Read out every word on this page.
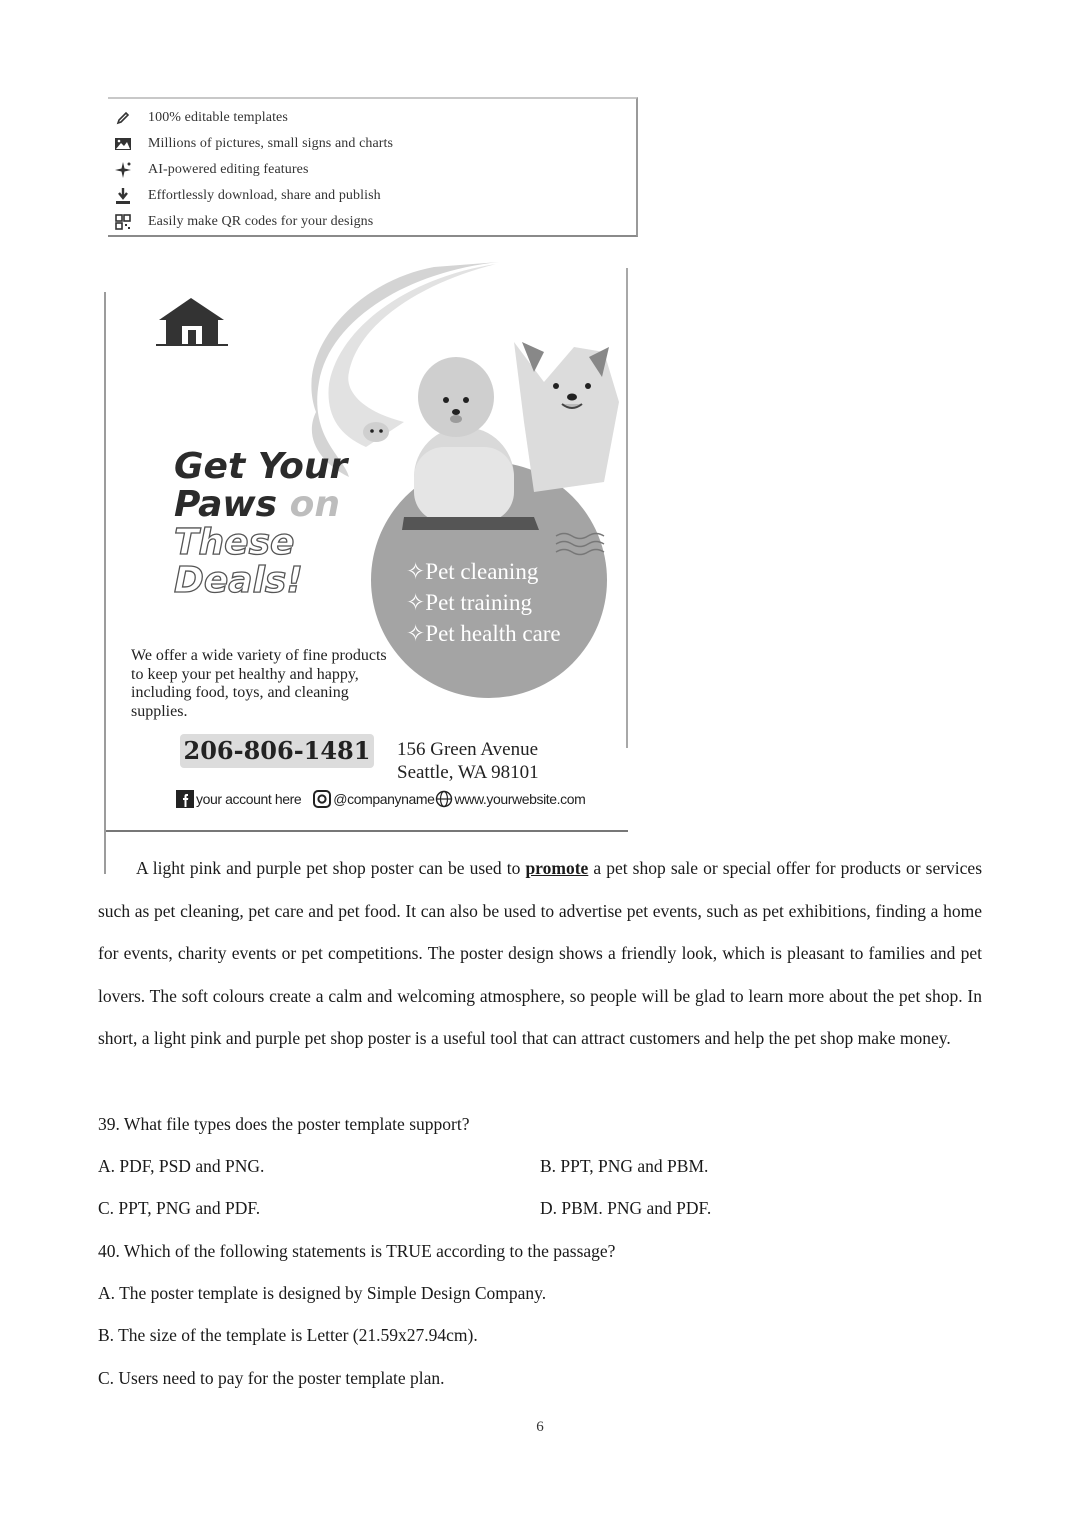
100% editable templates
Millions of pictures, small signs and charts
AI-powered editing features
Effortlessly download, share and publish
Easily make QR codes for your designs
Get Your
Paws on
These
Deals!	✧Pet cleaning
✧Pet training
✧Pet health care
We offer a wide variety of fine products to keep your pet healthy and happy, including food, toys, and cleaning supplies.
206-806-1481 156 Green Avenue
Seattle, WA 98101
your account here @companyname www.yourwebsite.com
A light pink and purple pet shop poster can be used to promote a pet shop sale or special offer for products or services such as pet cleaning, pet care and pet food. It can also be used to advertise pet events, such as pet exhibitions, finding a home for events, charity events or pet competitions. The poster design shows a friendly look, which is pleasant to families and pet lovers. The soft colours create a calm and welcoming atmosphere, so people will be glad to learn more about the pet shop. In short, a light pink and purple pet shop poster is a useful tool that can attract customers and help the pet shop make money.
39. What file types does the poster template support?
A. PDF, PSD and PNG.	B. PPT, PNG and PBM.
C. PPT, PNG and PDF.	D. PBM. PNG and PDF.
40. Which of the following statements is TRUE according to the passage?
A. The poster template is designed by Simple Design Company.
B. The size of the template is Letter (21.59x27.94cm).
C. Users need to pay for the poster template plan.
6
